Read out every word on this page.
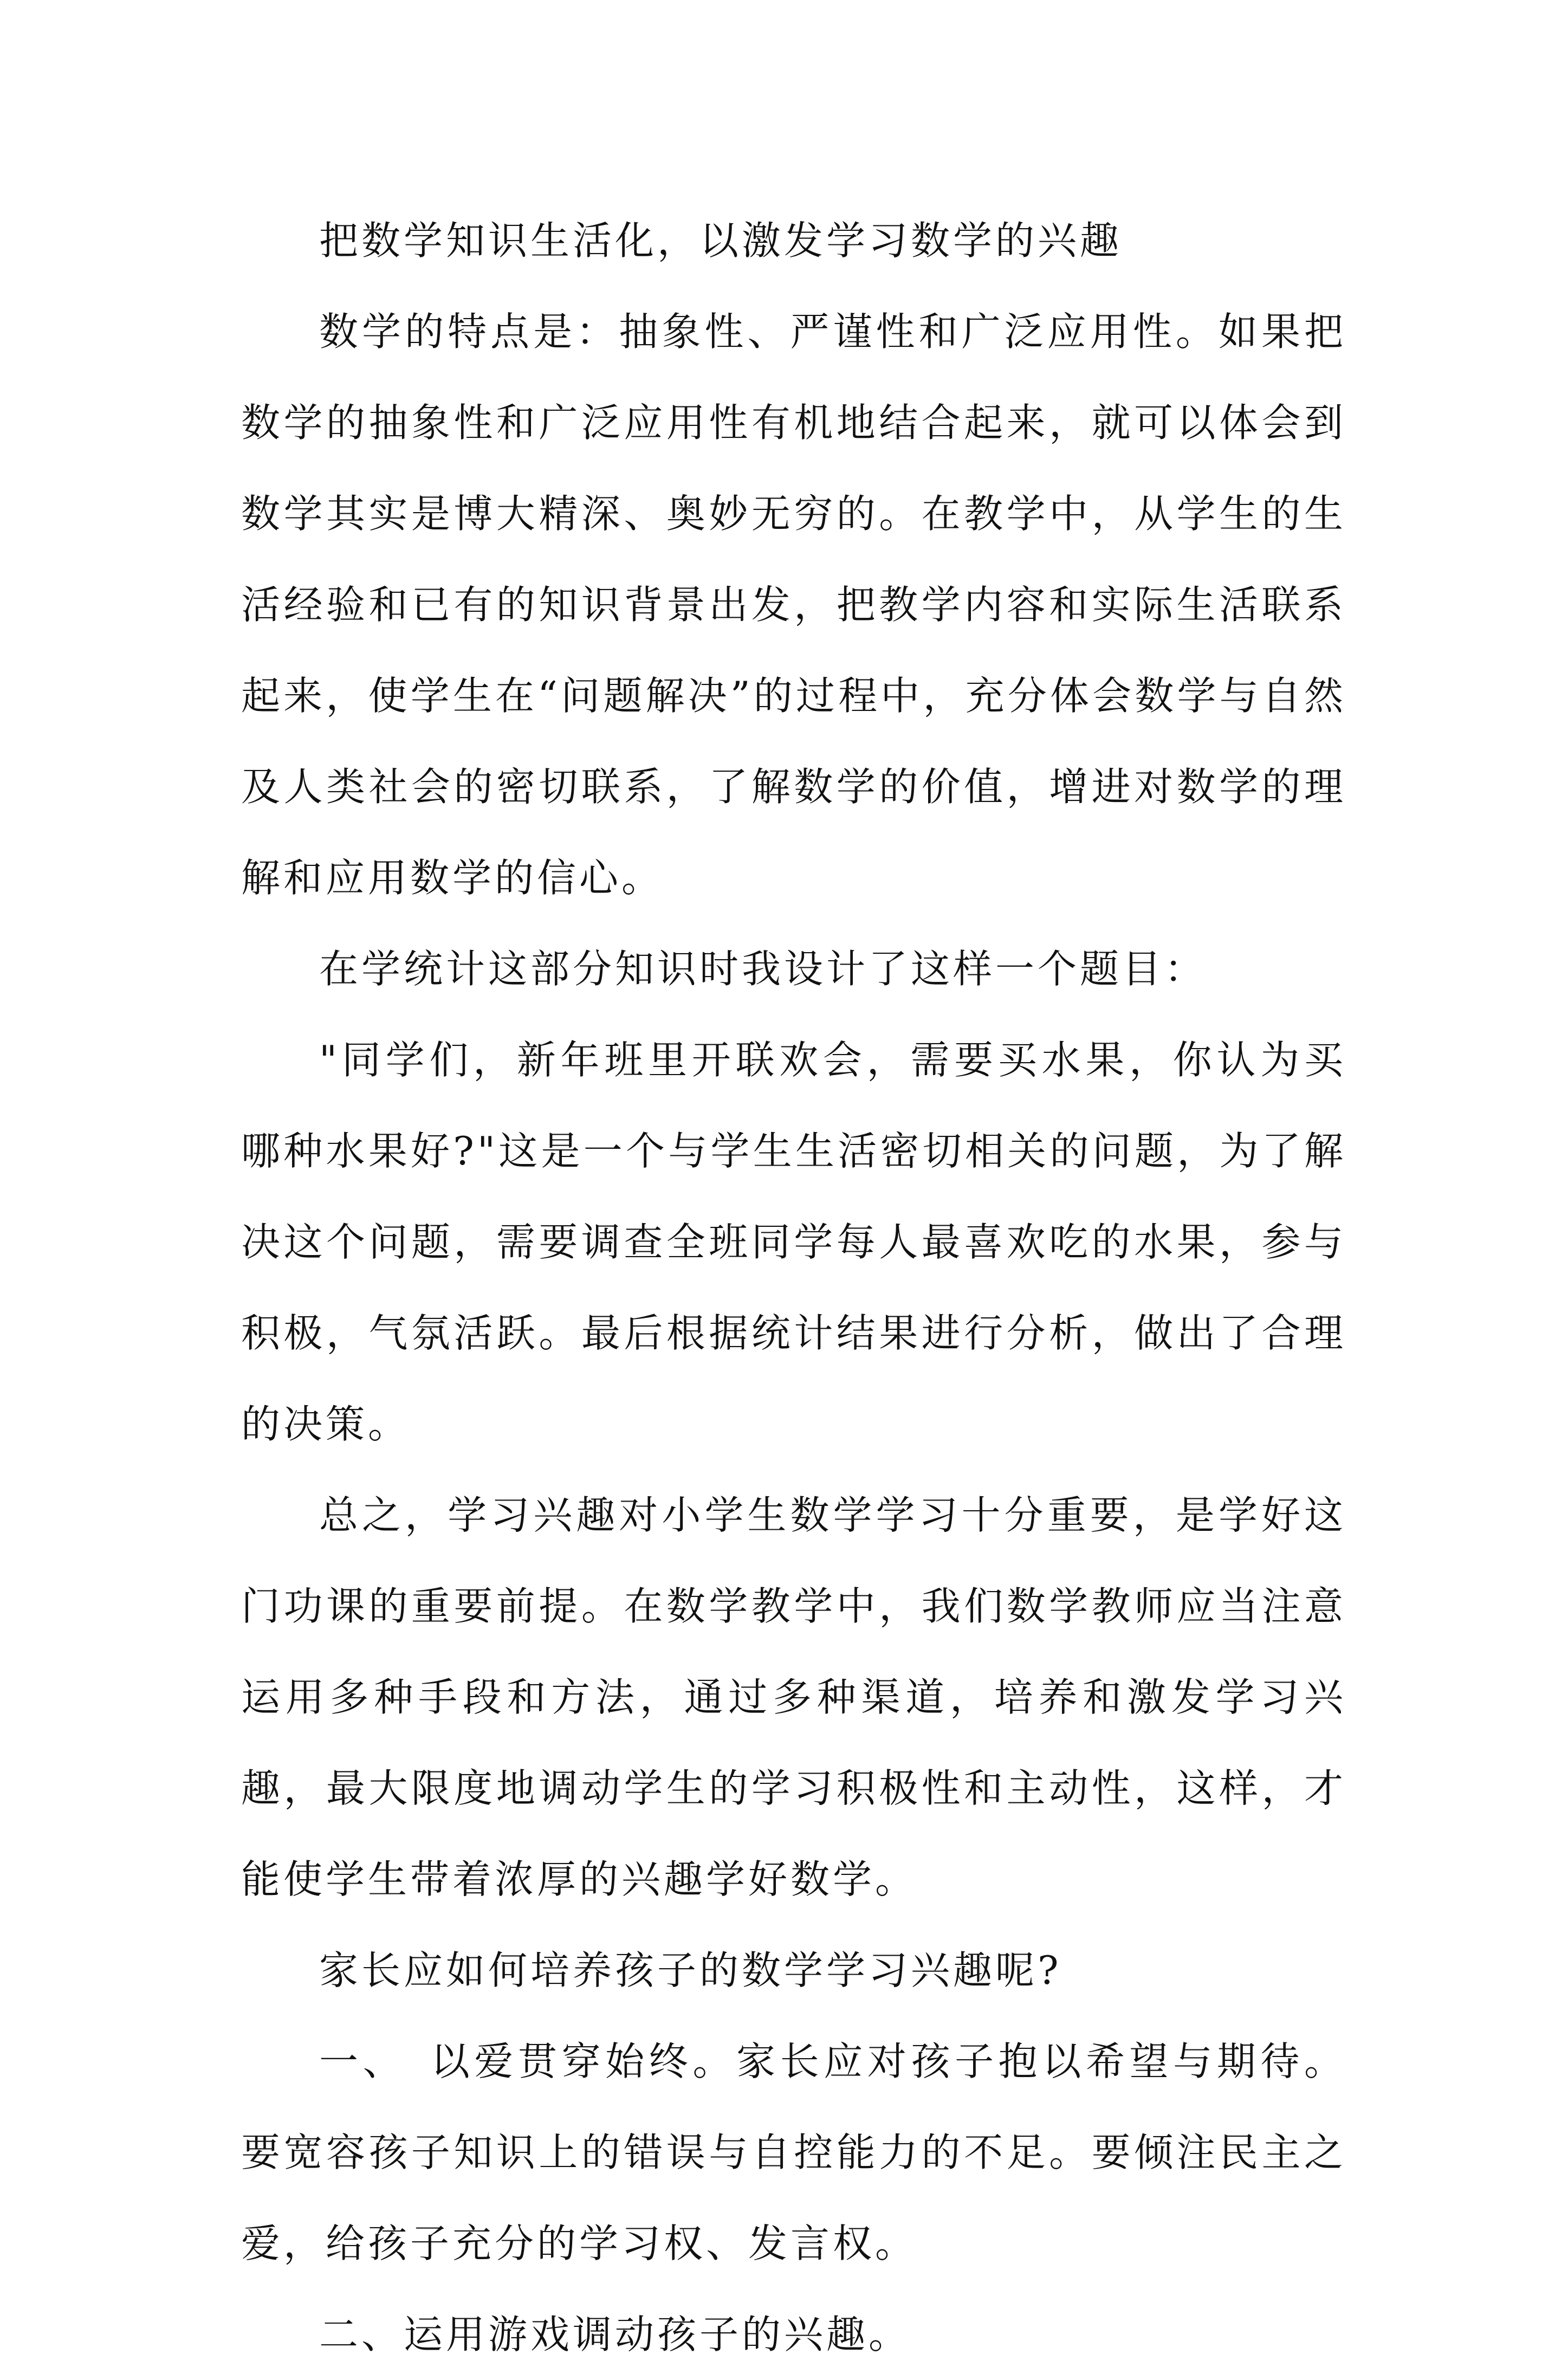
把数学知识生活化，以激发学习数学的兴趣

数学的特点是：抽象性、严谨性和广泛应用性。如果把数学的抽象性和广泛应用性有机地结合起来，就可以体会到数学其实是博大精深、奥妙无穷的。在教学中，从学生的生活经验和已有的知识背景出发，把教学内容和实际生活联系起来，使学生在“问题解决”的过程中，充分体会数学与自然及人类社会的密切联系，了解数学的价值，增进对数学的理解和应用数学的信心。

在学统计这部分知识时我设计了这样一个题目：

"同学们，新年班里开联欢会，需要买水果，你认为买哪种水果好?"这是一个与学生生活密切相关的问题，为了解决这个问题，需要调查全班同学每人最喜欢吃的水果，参与积极，气氛活跃。最后根据统计结果进行分析，做出了合理的决策。

总之，学习兴趣对小学生数学学习十分重要，是学好这门功课的重要前提。在数学教学中，我们数学教师应当注意运用多种手段和方法，通过多种渠道，培养和激发学习兴趣，最大限度地调动学生的学习积极性和主动性，这样，才能使学生带着浓厚的兴趣学好数学。

家长应如何培养孩子的数学学习兴趣呢?

一、　以爱贯穿始终。家长应对孩子抱以希望与期待。要宽容孩子知识上的错误与自控能力的不足。要倾注民主之爱，给孩子充分的学习权、发言权。

二、运用游戏调动孩子的兴趣。
